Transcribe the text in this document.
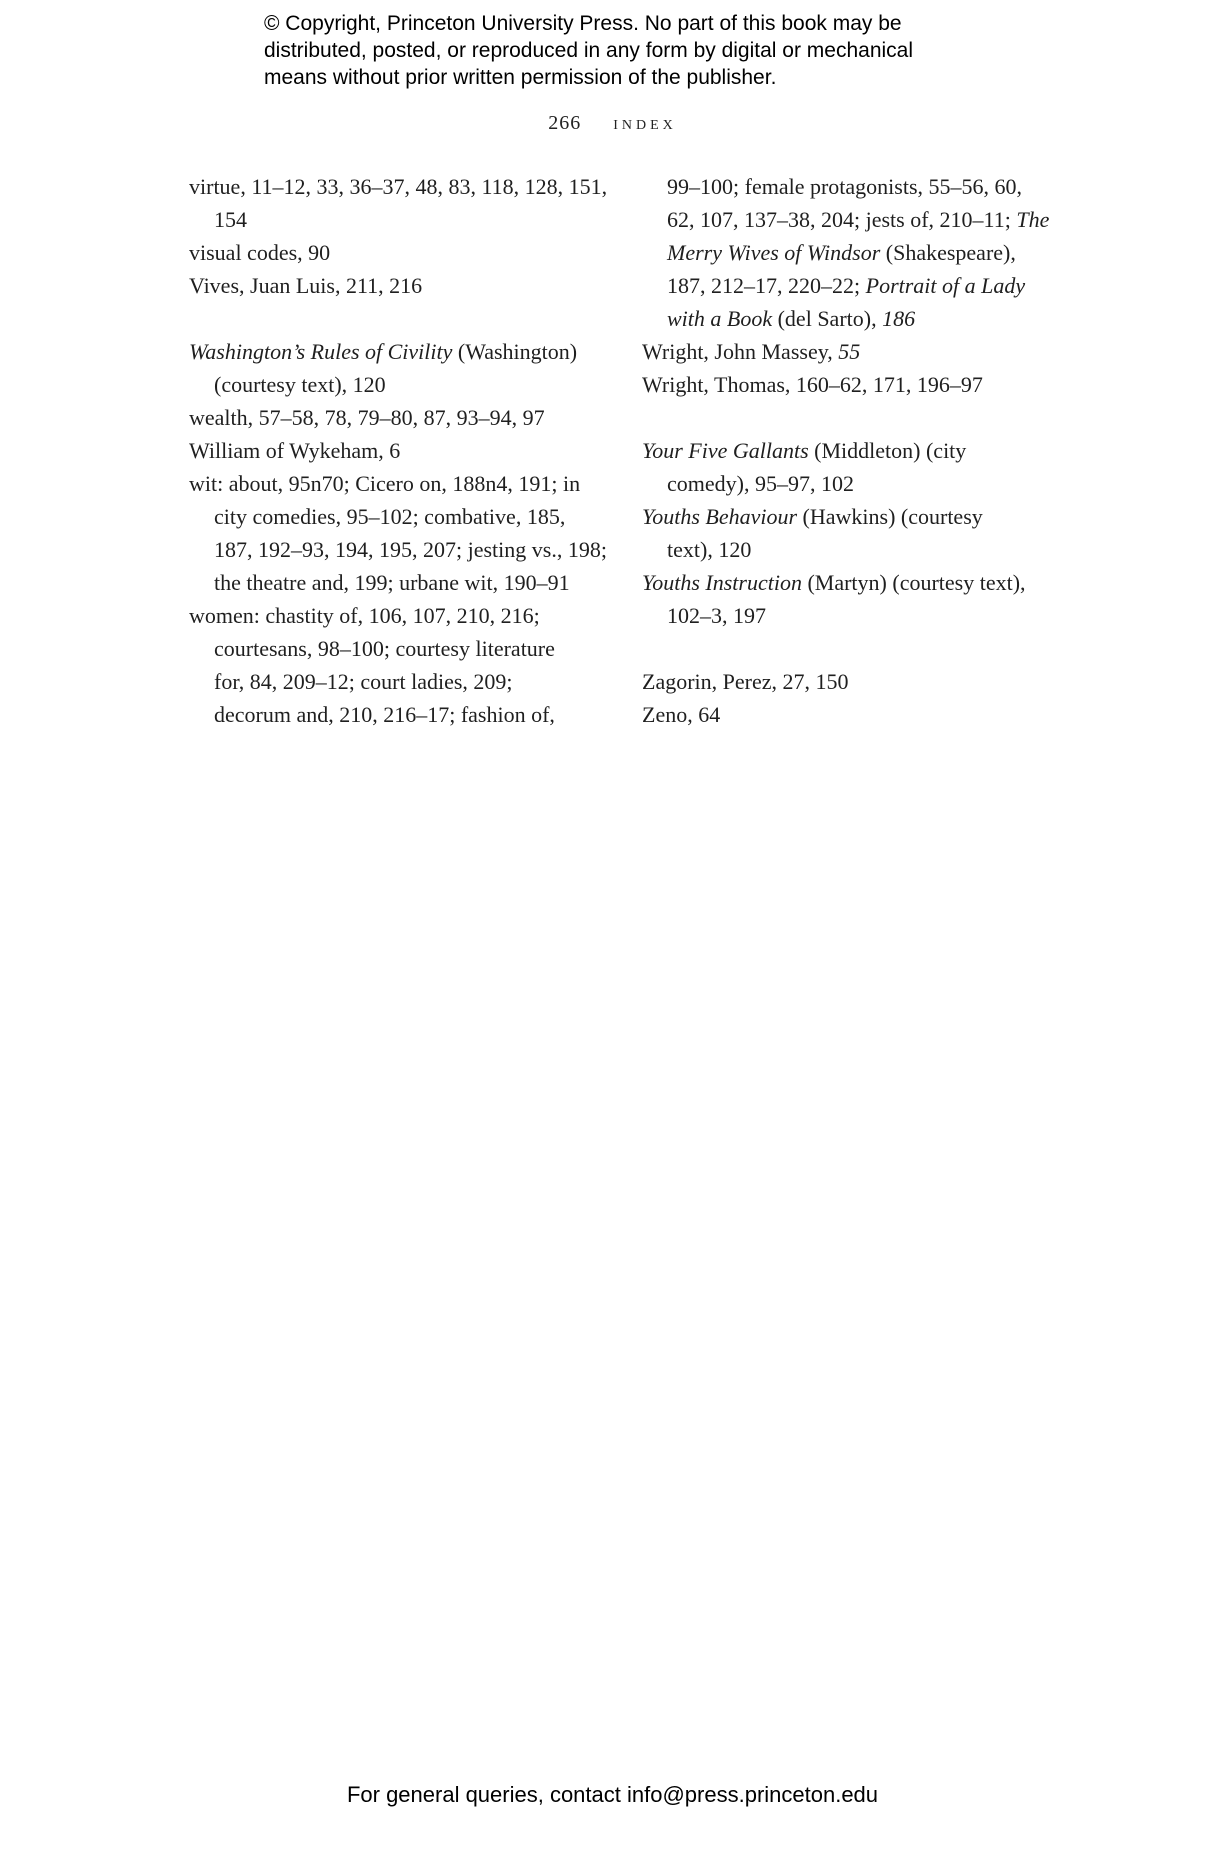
© Copyright, Princeton University Press. No part of this book may be
distributed, posted, or reproduced in any form by digital or mechanical
means without prior written permission of the publisher.
266 index
virtue, 11–12, 33, 36–37, 48, 83, 118, 128, 151,
154
visual codes, 90
Vives, Juan Luis, 211, 216
Washington’s Rules of Civility (Washington)
(courtesy text), 120
wealth, 57–58, 78, 79–80, 87, 93–94, 97
William of Wykeham, 6
wit: about, 95n70; Cicero on, 188n4, 191; in
city comedies, 95–102; combative, 185,
187, 192–93, 194, 195, 207; jesting vs., 198;
the theatre and, 199; urbane wit, 190–91
women: chastity of, 106, 107, 210, 216;
courtesans, 98–100; courtesy literature
for, 84, 209–12; court ladies, 209;
decorum and, 210, 216–17; fashion of,
99–100; female protagonists, 55–56, 60,
62, 107, 137–38, 204; jests of, 210–11; The
Merry Wives of Windsor (Shakespeare),
187, 212–17, 220–22; Portrait of a Lady
with a Book (del Sarto), 186
Wright, John Massey, 55
Wright, Thomas, 160–62, 171, 196–97
Your Five Gallants (Middleton) (city
comedy), 95–97, 102
Youths Behaviour (Hawkins) (courtesy
text), 120
Youths Instruction (Martyn) (courtesy text),
102–3, 197
Zagorin, Perez, 27, 150
Zeno, 64
For general queries, contact info@press.princeton.edu
